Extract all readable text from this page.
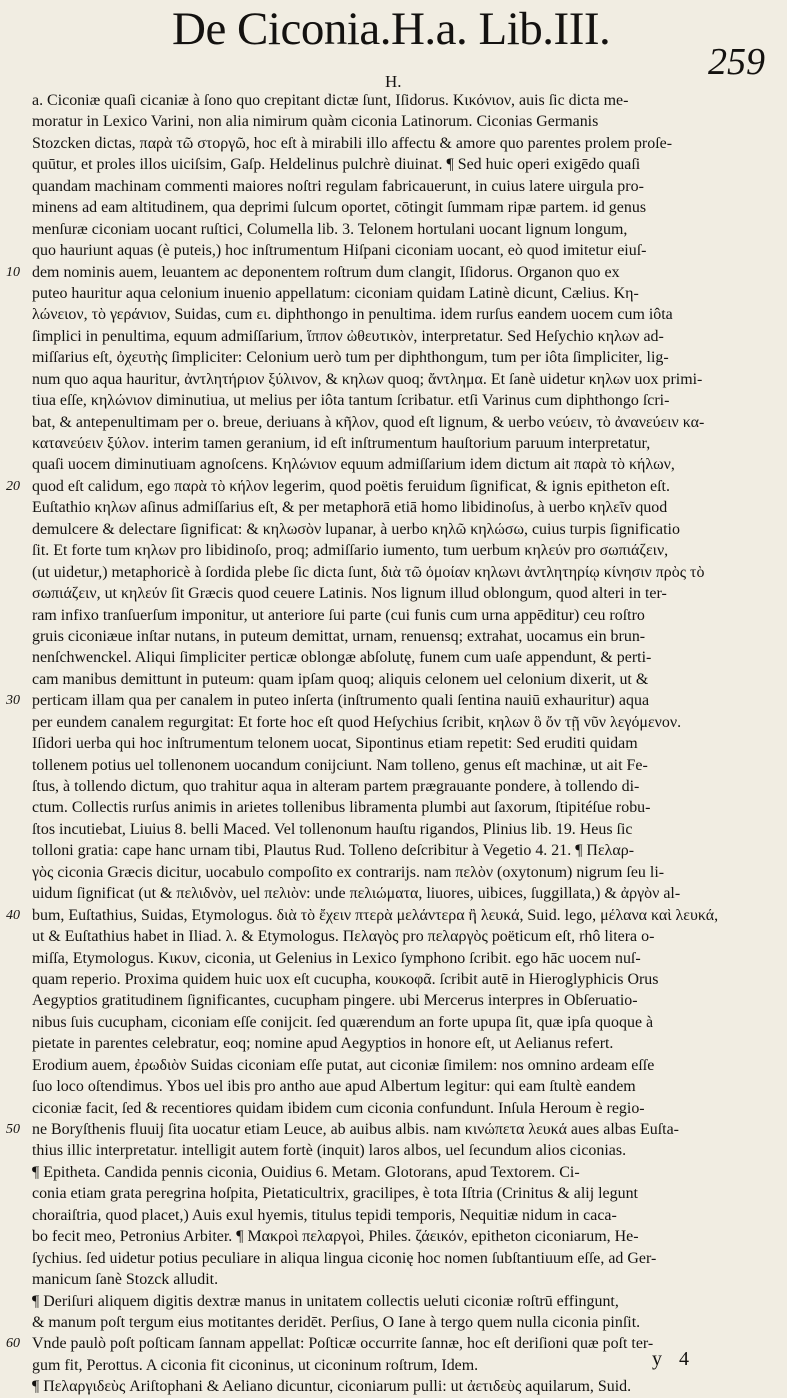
De Ciconia.H.a. Lib.III.
259
H.
a. Ciconiæ quaſi cicaniæ à ſono quo crepitant dictæ ſunt, Iſidorus. Κικόνιον, auis ſic dicta me-
moratur in Lexico Varini, non alia nimirum quàm ciconia Latinorum. Ciconias Germanis
Stozcken dictas, παρὰ τῶ στοργῶ, hoc eſt à mirabili illo affectu & amore quo parentes prolem proſe-
quūtur, et proles illos uiciſsim, Gaſp. Heldelinus pulchrè diuinat. ¶ Sed huic operi exigēdo quaſi
quandam machinam commenti maiores noſtri regulam fabricauerunt, in cuius latere uirgula pro-
minens ad eam altitudinem, qua deprimi ſulcum oportet, cōtingit ſummam ripæ partem. id genus
menſuræ ciconiam uocant ruſtici, Columella lib. 3. Telonem hortulani uocant lignum longum,
quo hauriunt aquas (è puteis,) hoc inſtrumentum Hiſpani ciconiam uocant, eò quod imitetur eiuſ-
10 dem nominis auem, leuantem ac deponentem roſtrum dum clangit, Iſidorus. Organon quo ex
puteo hauritur aqua celonium inuenio appellatum: ciconiam quidam Latinè dicunt, Cælius. Κη-
λώνειον, τὸ γεράνιον, Suidas, cum ει. diphthongo in penultima. idem rurſus eandem uocem cum iôta
ſimplici in penultima, equum admiſſarium, ἵππον ὠθευτικὸν, interpretatur. Sed Heſychio κηλων ad-
miſſarius eſt, ὀχευτὴς ſimpliciter: Celonium uerò tum per diphthongum, tum per iôta ſimpliciter, lig-
num quo aqua hauritur, ἀντλητήριον ξύλινον, & κηλων quoq; ἄντλημα. Et ſanè uidetur κηλων uox primi-
tiua eſſe, κηλώνιον diminutiua, ut melius per iôta tantum ſcribatur. etſi Varinus cum diphthongo ſcri-
bat, & antepenultimam per ο. breue, deriuans à κῆλον, quod eſt lignum, & uerbo νεύειν, τὸ ἀνανεύειν κα-
κατανεύειν ξύλον. interim tamen geranium, id eſt inſtrumentum hauſtorium paruum interpretatur,
quaſi uocem diminutiuam agnoſcens. Κηλώνιον equum admiſſarium idem dictum ait παρὰ τὸ κήλων,
20 quod eſt calidum, ego παρὰ τὸ κήλον legerim, quod poëtis feruidum ſignificat, & ignis epitheton eſt.
Euſtathio κηλων aſinus admiſſarius eſt, & per metaphorā etiā homo libidinoſus, à uerbo κηλεῖν quod
demulcere & delectare ſignificat: & κηλωσὸν lupanar, à uerbo κηλῶ κηλώσω, cuius turpis ſignificatio
ſit. Et forte tum κηλων pro libidinoſo, proq; admiſſario iumento, tum uerbum κηλεύν pro σωπιάζειν,
(ut uidetur,) metaphoricè à ſordida plebe ſic dicta ſunt, διὰ τῶ ὁμοίαν κηλωνι ἀντλητηρίῳ κίνησιν πρὸς τὸ
σωπιάζειν, ut κηλεύν ſit Græcis quod ceuere Latinis. Nos lignum illud oblongum, quod alteri in ter-
ram infixo tranſuerſum imponitur, ut anteriore ſui parte (cui funis cum urna appēditur) ceu roſtro
gruis ciconiæue inſtar nutans, in puteum demittat, urnam, renuensq; extrahat, uocamus ein brun-
nenſchwenckel. Aliqui ſimpliciter perticæ oblongæ abſolutę, funem cum uaſe appendunt, & perti-
cam manibus demittunt in puteum: quam ipſam quoq; aliquis celonem uel celonium dixerit, ut &
30 perticam illam qua per canalem in puteo inſerta (inſtrumento quali ſentina nauiū exhauritur) aqua
per eundem canalem regurgitat: Et forte hoc eſt quod Heſychius ſcribit, κηλων ὃ ὄν τῇ νῦν λεγόμενον.
Iſidori uerba qui hoc inſtrumentum telonem uocat, Sipontinus etiam repetit: Sed eruditi quidam
tollenem potius uel tollenonem uocandum conijciunt. Nam tolleno, genus eſt machinæ, ut ait Fe-
ſtus, à tollendo dictum, quo trahitur aqua in alteram partem prægrauante pondere, à tollendo di-
ctum. Collectis rurſus animis in arietes tollenibus libramenta plumbi aut ſaxorum, ſtipitéſue robu-
ſtos incutiebat, Liuius 8. belli Maced. Vel tollenonum hauſtu rigandos, Plinius lib. 19. Heus ſic
tolloni gratia: cape hanc urnam tibi, Plautus Rud. Tolleno deſcribitur à Vegetio 4. 21. ¶ Πελαρ-
γὸς ciconia Græcis dicitur, uocabulo compoſito ex contrarijs. nam πελὸν (oxytonum) nigrum ſeu li-
uidum ſignificat (ut & πελιδνὸν, uel πελιὸν: unde πελιώματα, liuores, uibices, ſuggillata,) & ἀργὸν al-
40 bum, Euſtathius, Suidas, Etymologus. διὰ τὸ ἔχειν πτερὰ μελάντερα ἢ λευκά, Suid. lego, μέλανα καὶ λευκά,
ut & Euſtathius habet in Iliad. λ. & Etymologus. Πελαγὸς pro πελαργὸς poëticum eſt, rhô litera o-
miſſa, Etymologus. Κικυν, ciconia, ut Gelenius in Lexico ſymphono ſcribit. ego hāc uocem nuſ-
quam reperio. Proxima quidem huic uox eſt cucupha, κουκοφᾶ. ſcribit autē in Hieroglyphicis Orus
Aegyptios gratitudinem ſignificantes, cucupham pingere. ubi Mercerus interpres in Obſeruatio-
nibus ſuis cucupham, ciconiam eſſe conijcit. ſed quærendum an forte upupa ſit, quæ ipſa quoque à
pietate in parentes celebratur, eoq; nomine apud Aegyptios in honore eſt, ut Aelianus refert.
Erodium auem, ἐρωδιὸν Suidas ciconiam eſſe putat, aut ciconiæ ſimilem: nos omnino ardeam eſſe
ſuo loco oſtendimus. Ybos uel ibis pro antho aue apud Albertum legitur: qui eam ſtultè eandem
ciconiæ facit, ſed & recentiores quidam ibidem cum ciconia confundunt. Inſula Heroum è regio-
50 ne Boryſthenis fluuij ſita uocatur etiam Leuce, ab auibus albis. nam κινώπετα λευκά aues albas Euſta-
thius illic interpretatur. intelligit autem fortè (inquit) laros albos, uel ſecundum alios ciconias.
¶ Epitheta. Candida pennis ciconia, Ouidius 6. Metam. Glotorans, apud Textorem. Ci-
conia etiam grata peregrina hoſpita, Pietaticultrix, gracilipes, è tota Iſtria (Crinitus & alij legunt
choraiſtria, quod placet,) Auis exul hyemis, titulus tepidi temporis, Nequitiæ nidum in caca-
bo fecit meo, Petronius Arbiter. ¶ Μακροὶ πελαργοὶ, Philes. ζάεικόν, epitheton ciconiarum, He-
ſychius. ſed uidetur potius peculiare in aliqua lingua ciconię hoc nomen ſubſtantiuum eſſe, ad Ger-
manicum ſanè Stozck alludit.
¶ Deriſuri aliquem digitis dextræ manus in unitatem collectis ueluti ciconiæ roſtrū effingunt,
& manum poſt tergum eius motitantes deridēt. Perſius, O Iane à tergo quem nulla ciconia pinſit.
60 Vnde paulò poſt poſticam ſannam appellat: Poſticæ occurrite ſannæ, hoc eſt deriſioni quæ poſt ter-
gum fit, Perottus. A ciconia fit ciconinus, ut ciconinum roſtrum, Idem.
¶ Πελαργιδεὺς Ariſtophani & Aeliano dicuntur, ciconiarum pulli: ut ἀετιδεὺς aquilarum, Suid.
y 4
